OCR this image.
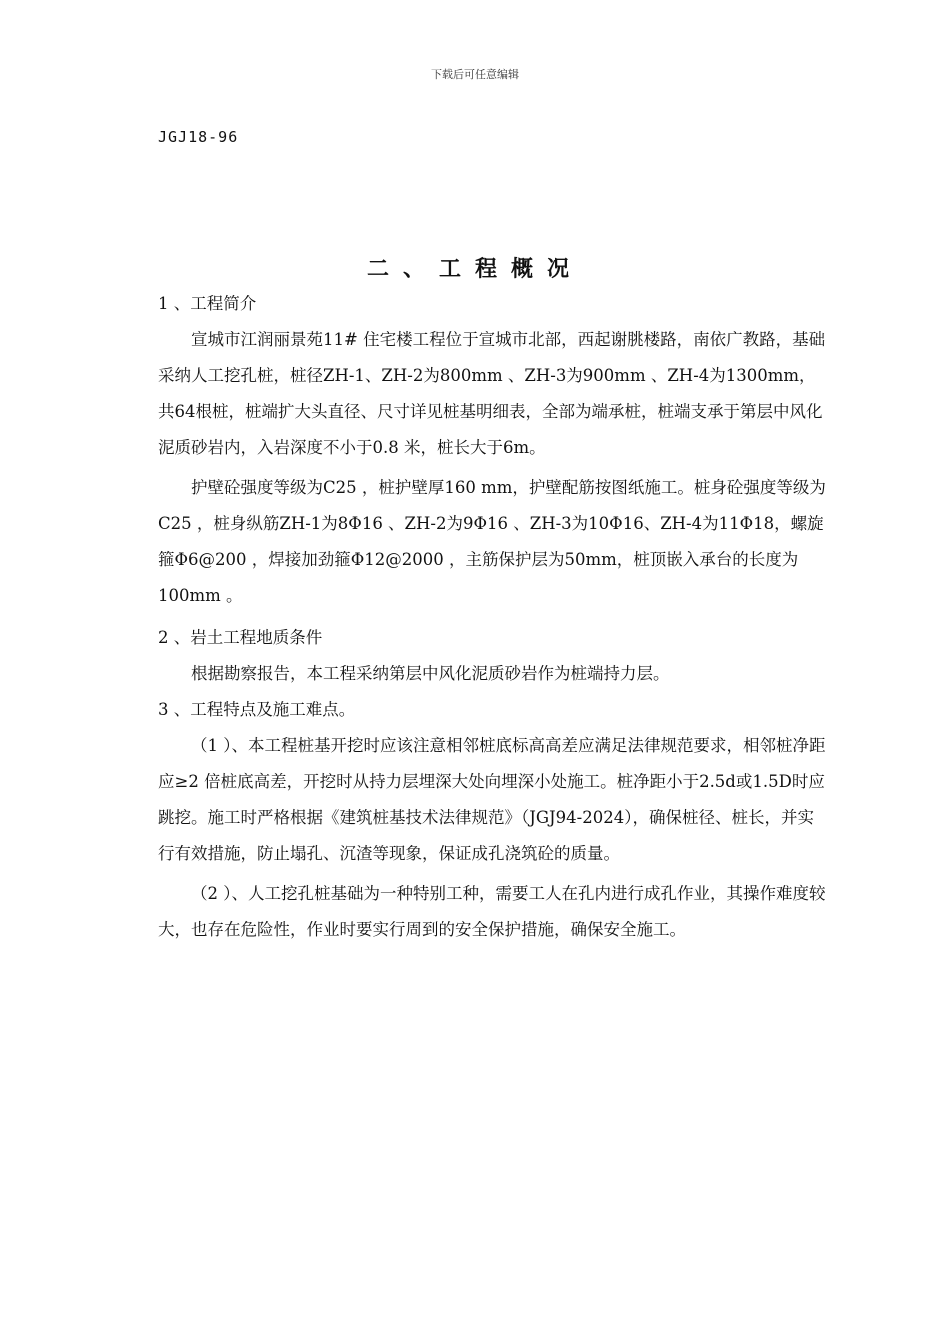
下载后可任意编辑
JGJ18-96
二、工程概况

1 、工程简介

宣城市江润丽景苑11# 住宅楼工程位于宣城市北部，西起谢朓楼路，南依广教路，基础采纳人工挖孔桩，桩径ZH-1、ZH-2为800mm 、ZH-3为900mm 、ZH-4为1300mm，共64根桩，桩端扩大头直径、尺寸详见桩基明细表，全部为端承桩，桩端支承于第层中风化泥质砂岩内，入岩深度不小于0.8 米，桩长大于6m。

护壁砼强度等级为C25 ，桩护壁厚160 mm，护壁配筋按图纸施工。桩身砼强度等级为C25 ，桩身纵筋ZH-1为8Φ16 、ZH-2为9Φ16 、ZH-3为10Φ16、ZH-4为11Φ18，螺旋箍Φ6@200 ，焊接加劲箍Φ12@2000 ，主筋保护层为50mm，桩顶嵌入承台的长度为100mm 。

2 、岩土工程地质条件

根据勘察报告，本工程采纳第层中风化泥质砂岩作为桩端持力层。

3 、工程特点及施工难点。

（1 ）、本工程桩基开挖时应该注意相邻桩底标高高差应满足法律规范要求，相邻桩净距应≥2 倍桩底高差，开挖时从持力层埋深大处向埋深小处施工。桩净距小于2.5d或1.5D时应跳挖。施工时严格根据《建筑桩基技术法律规范》（JGJ94-2024），确保桩径、桩长，并实行有效措施，防止塌孔、沉渣等现象，保证成孔浇筑砼的质量。

（2 ）、人工挖孔桩基础为一种特别工种，需要工人在孔内进行成孔作业，其操作难度较大，也存在危险性，作业时要实行周到的安全保护措施，确保安全施工。
